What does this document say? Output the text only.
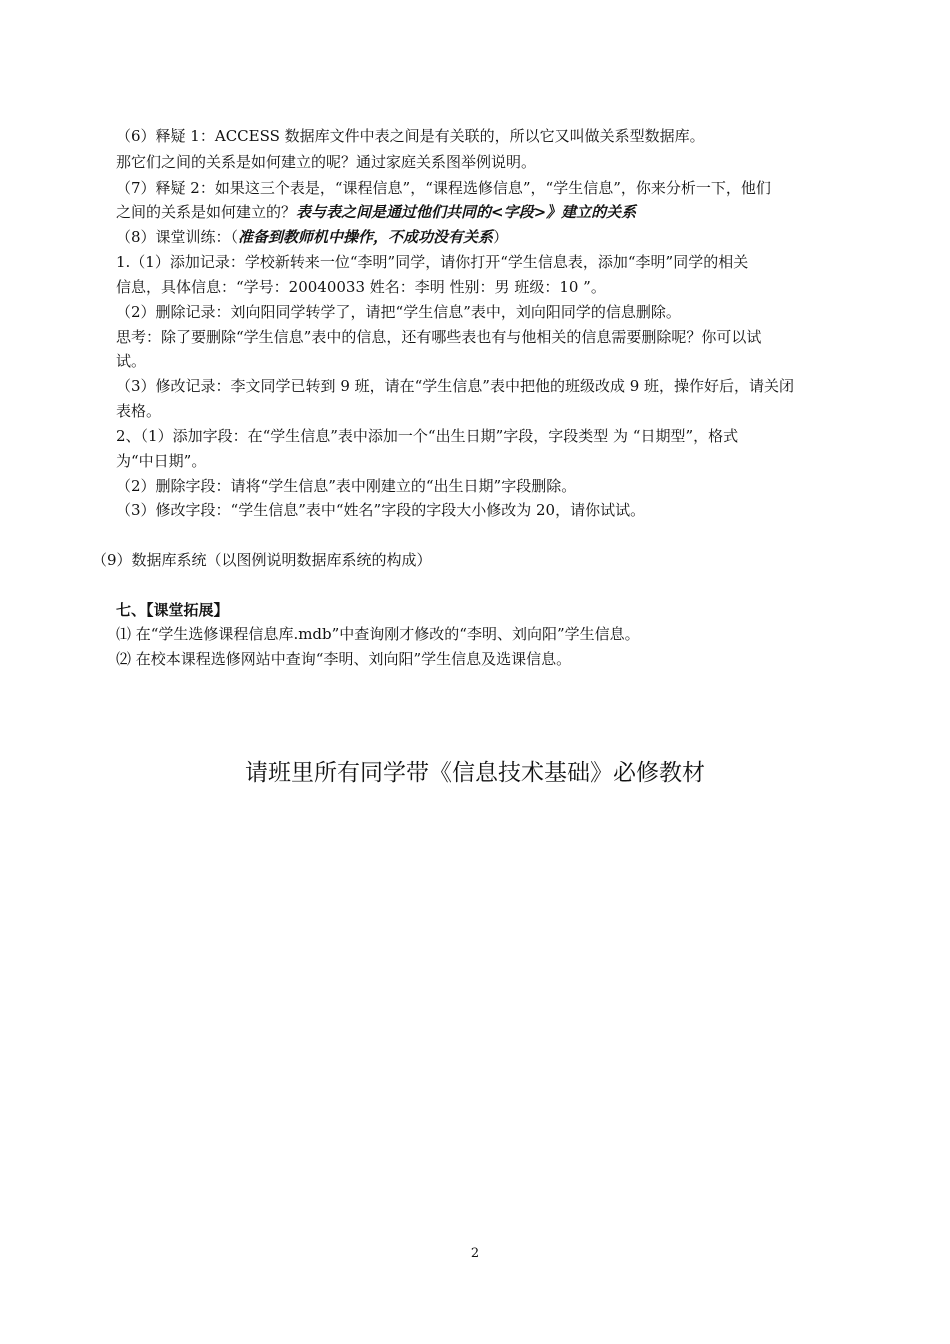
（6）释疑 1：ACCESS 数据库文件中表之间是有关联的，所以它又叫做关系型数据库。
那它们之间的关系是如何建立的呢？通过家庭关系图举例说明。
（7）释疑 2：如果这三个表是，“课程信息”，“课程选修信息”，“学生信息”，你来分析一下，他们
之间的关系是如何建立的？表与表之间是通过他们共同的<字段>》建立的关系
（8）课堂训练：（准备到教师机中操作，不成功没有关系）
1.（1）添加记录：学校新转来一位“李明”同学，请你打开“学生信息表，添加“李明”同学的相关
信息，具体信息：“学号：20040033 姓名：李明 性别：男 班级：10 ”。
（2）删除记录：刘向阳同学转学了，请把“学生信息”表中，刘向阳同学的信息删除。
思考：除了要删除“学生信息”表中的信息，还有哪些表也有与他相关的信息需要删除呢？你可以试
试。
（3）修改记录：李文同学已转到 9 班，请在“学生信息”表中把他的班级改成 9 班，操作好后，请关闭
表格。
2、（1）添加字段：在“学生信息”表中添加一个“出生日期”字段，字段类型 为 “日期型”，格式
为“中日期”。
（2）删除字段：请将“学生信息”表中刚建立的“出生日期”字段删除。
（3）修改字段：“学生信息”表中“姓名”字段的字段大小修改为 20，请你试试。
（9）数据库系统（以图例说明数据库系统的构成）
七、【课堂拓展】
⑴ 在“学生选修课程信息库.mdb”中查询刚才修改的“李明、刘向阳”学生信息。
⑵ 在校本课程选修网站中查询“李明、刘向阳”学生信息及选课信息。
请班里所有同学带《信息技术基础》必修教材
2
